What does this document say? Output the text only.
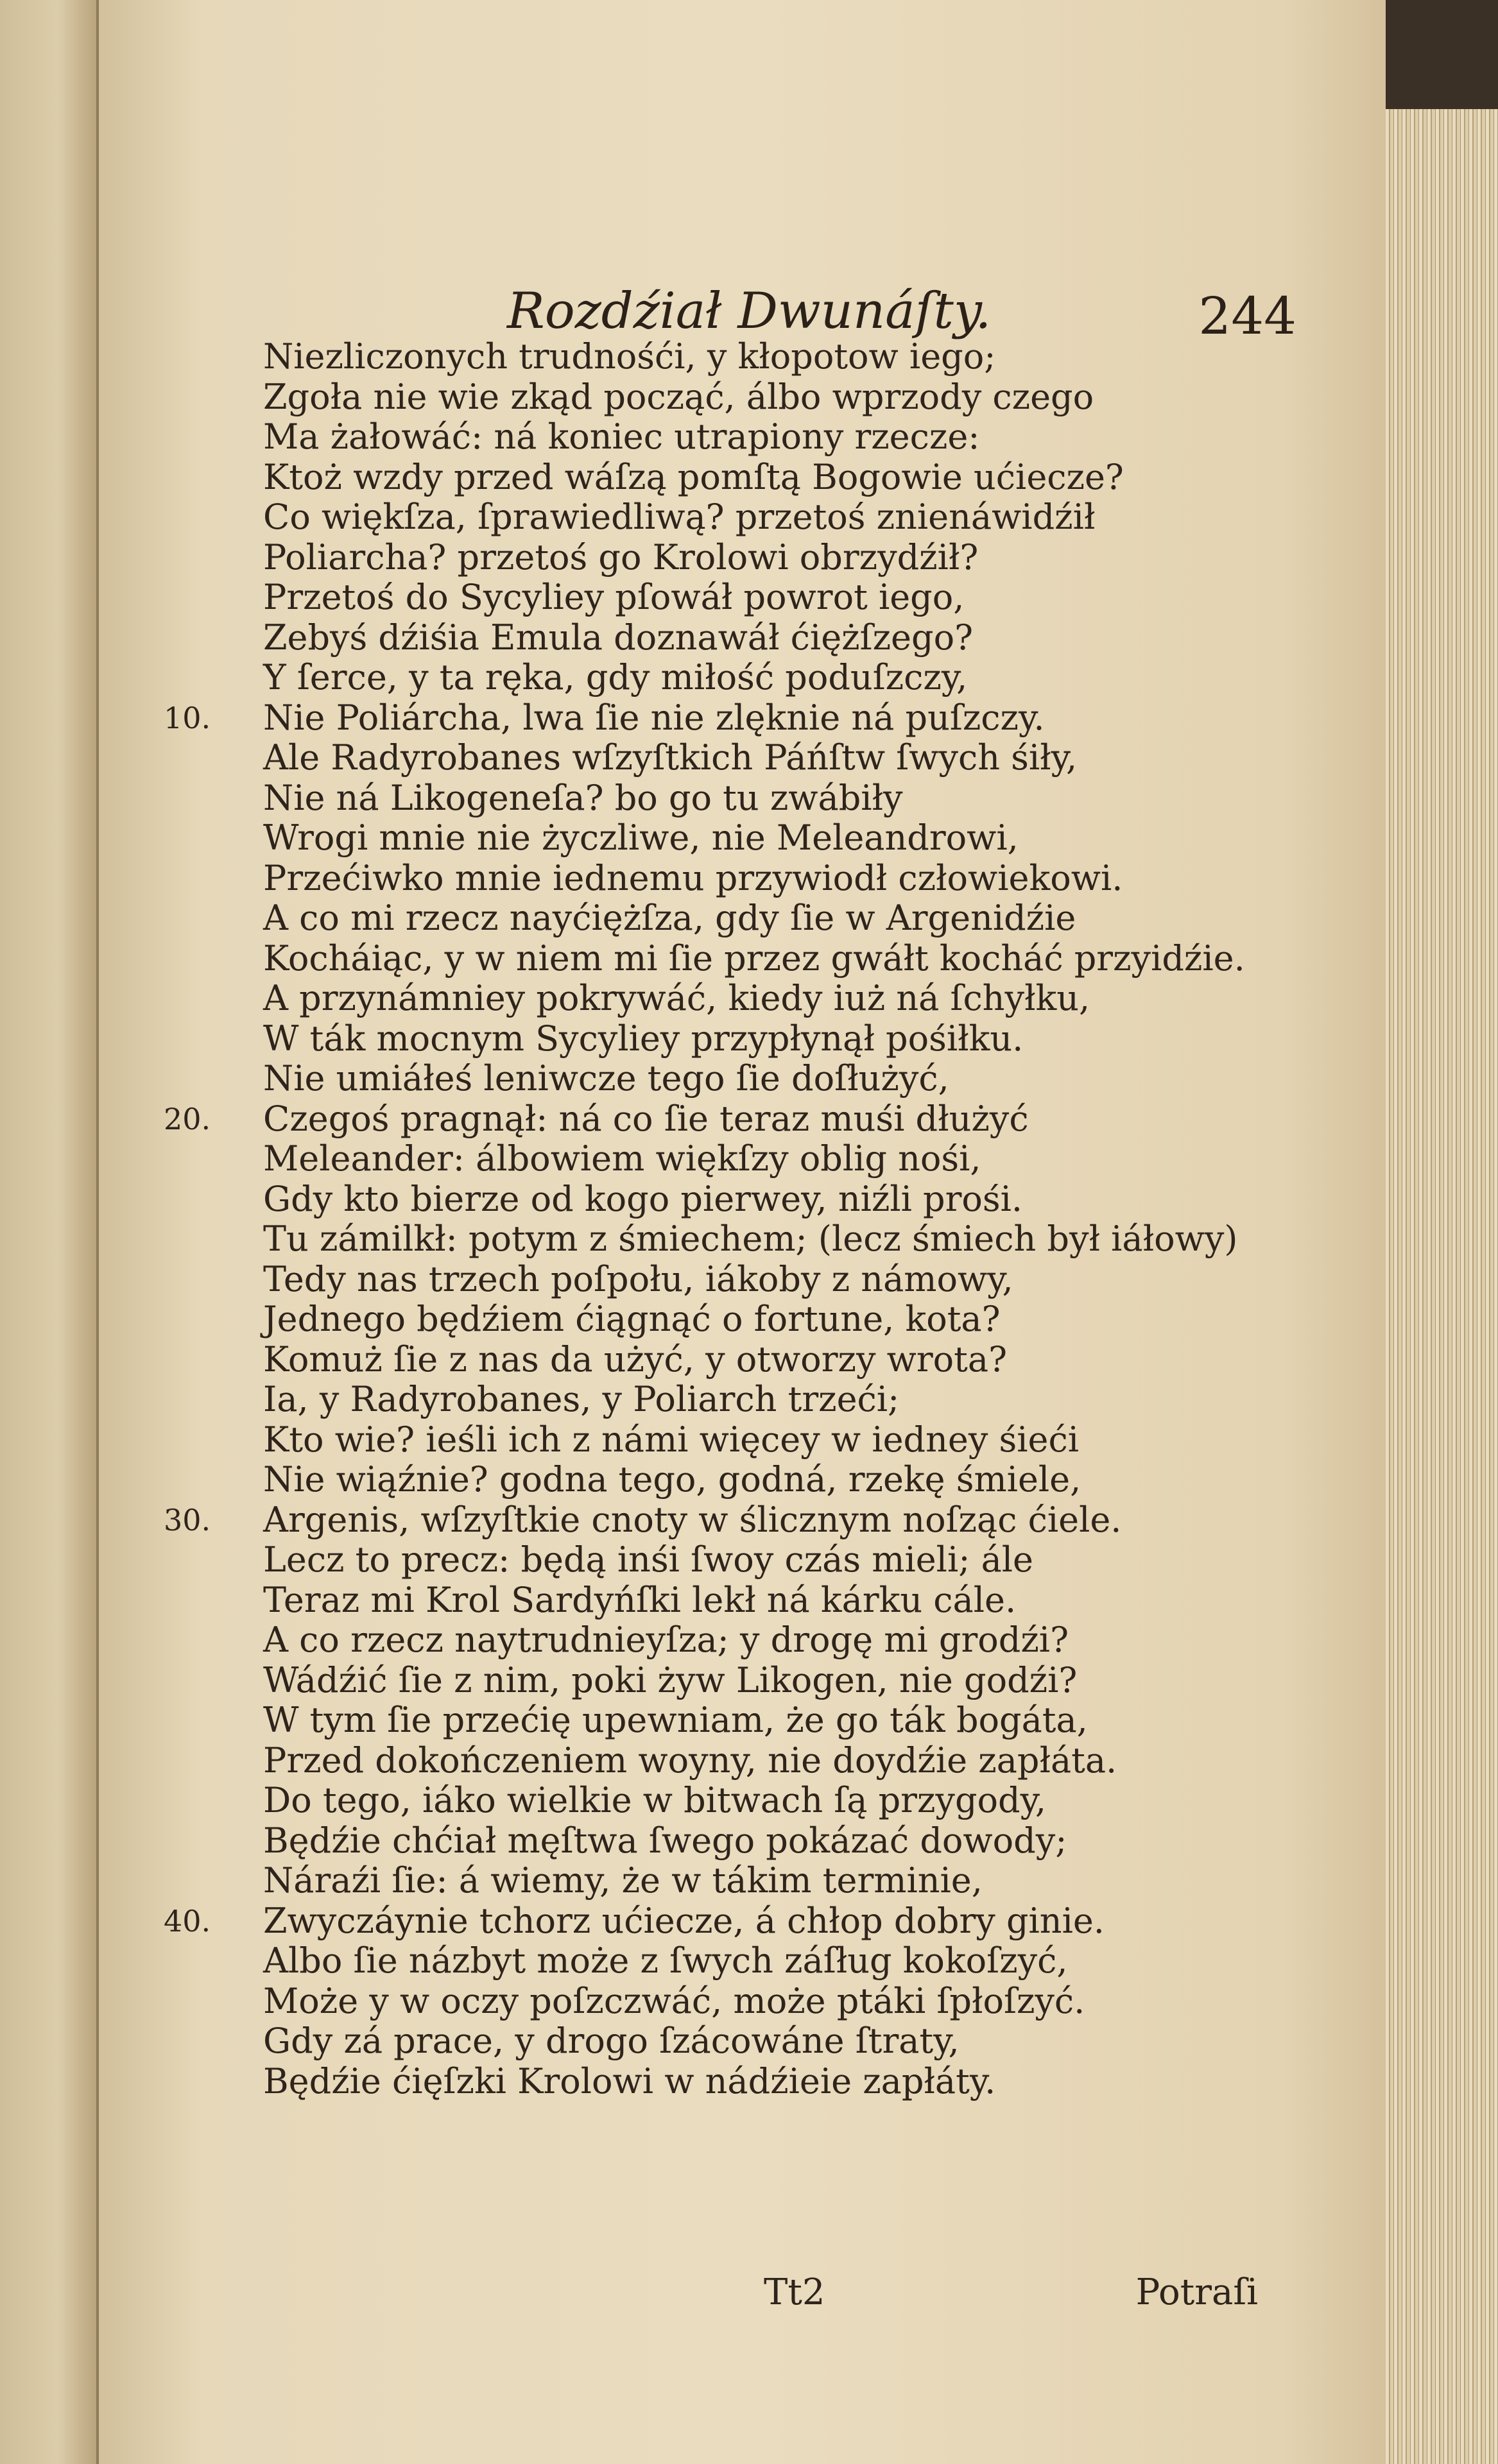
Rozdźiał Dwunáſty.	244
Niezliczonych trudnośći, y kłopotow iego;
Zgoła nie wie zkąd począć, álbo wprzody czego
Ma żałowáć: ná koniec utrapiony rzecze:
Ktoż wzdy przed wáſzą pomſtą Bogowie ućiecze?
Co więkſza, ſprawiedliwą? przetoś znienáwidźił
Poliarcha? przetoś go Krolowi obrzydźił?
Przetoś do Sycyliey pſowáł powrot iego,
Zebyś dźiśia Emula doznawáł ćiężſzego?
Y ſerce, y ta ręka, gdy miłość poduſzczy,
10.	Nie Poliárcha, lwa ſie nie zlęknie ná puſzczy.
Ale Radyrobanes wſzyſtkich Páńſtw ſwych śiły,
Nie ná Likogeneſa? bo go tu zwábiły
Wrogi mnie nie życzliwe, nie Meleandrowi,
Przećiwko mnie iednemu przywiodł człowiekowi.
A co mi rzecz nayćiężſza, gdy ſie w Argenidźie
Kocháiąc, y w niem mi ſie przez gwáłt kocháć przyidźie.
A przynámniey pokrywáć, kiedy iuż ná ſchyłku,
W ták mocnym Sycyliey przypłynął pośiłku.
Nie umiáłeś leniwcze tego ſie doſłużyć,
20.	Czegoś pragnął: ná co ſie teraz muśi dłużyć
Meleander: álbowiem więkſzy oblig nośi,
Gdy kto bierze od kogo pierwey, niźli prośi.
Tu zámilkł: potym z śmiechem; (lecz śmiech był iáłowy)
Tedy nas trzech poſpołu, iákoby z námowy,
Jednego będźiem ćiągnąć o fortune, kota?
Komuż ſie z nas da użyć, y otworzy wrota?
Ia, y Radyrobanes, y Poliarch trzeći;
Kto wie? ieśli ich z námi więcey w iedney śieći
Nie wiąźnie? godna tego, godná, rzekę śmiele,
30.	Argenis, wſzyſtkie cnoty w ślicznym noſząc ćiele.
Lecz to precz: będą inśi ſwoy czás mieli; ále
Teraz mi Krol Sardyńſki lekł ná kárku cále.
A co rzecz naytrudnieyſza; y drogę mi grodźi?
Wádźić ſie z nim, poki żyw Likogen, nie godźi?
W tym ſie przećię upewniam, że go ták bogáta,
Przed dokończeniem woyny, nie doydźie zapłáta.
Do tego, iáko wielkie w bitwach ſą przygody,
Będźie chćiał męſtwa ſwego pokázać dowody;
Náraźi ſie: á wiemy, że w tákim terminie,
40.	Zwyczáynie tchorz ućiecze, á chłop dobry ginie.
Albo ſie názbyt może z ſwych záſług kokoſzyć,
Może y w oczy poſzczwáć, może ptáki ſpłoſzyć.
Gdy zá prace, y drogo ſzácowáne ſtraty,
Będźie ćięſzki Krolowi w nádźieie zapłáty.
Tt2	Potraſi
